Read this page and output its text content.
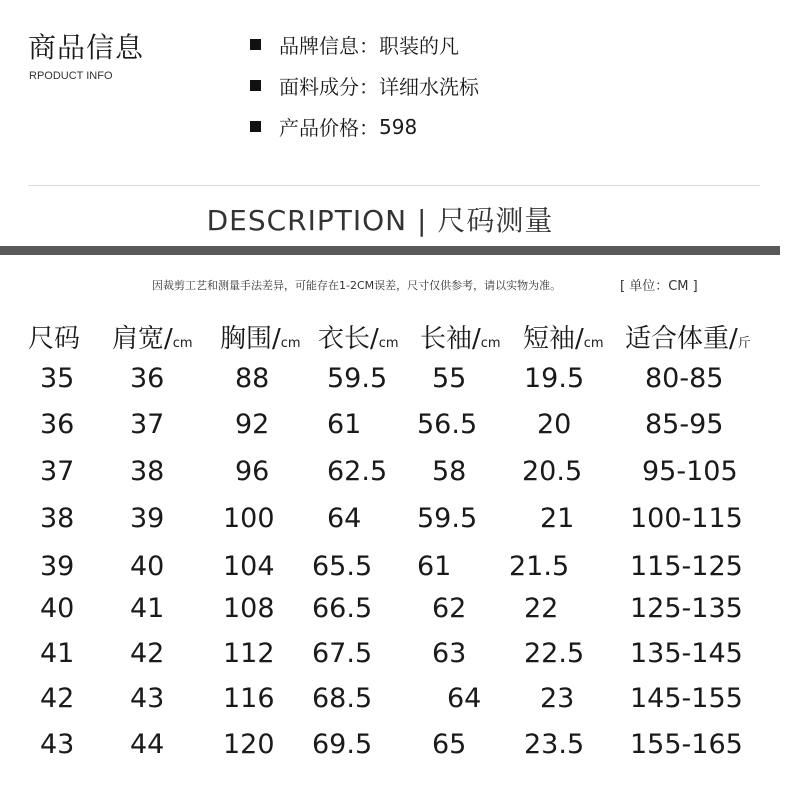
商品信息
RPODUCT INFO
品牌信息： 职装的凡
面料成分： 详细水洗标
产品价格： 598
DESCRIPTION | 尺码测量
因裁剪工艺和测量手法差异，可能存在1-2CM误差，尺寸仅供参考，请以实物为准。	[ 单位：CM ]
尺码 肩宽/cm 胸围/cm 衣长/cm 长袖/cm 短袖/cm 适合体重/斤
35 36	88 59.5 55 19.5 80-85
36 37	92 61 56.5 20	85-95
37 38	96 62.5 58 20.5 95-105
38 39 100 64 59.5 21 100-115
39 40 104 65.5 61 21.5 115-125
40 41 108 66.5 62 22	125-135
41 42 112 67.5 63 22.5 135-145
42 43 116 68.5	64 23 145-155
43 44 120 69.5 65 23.5 155-165
